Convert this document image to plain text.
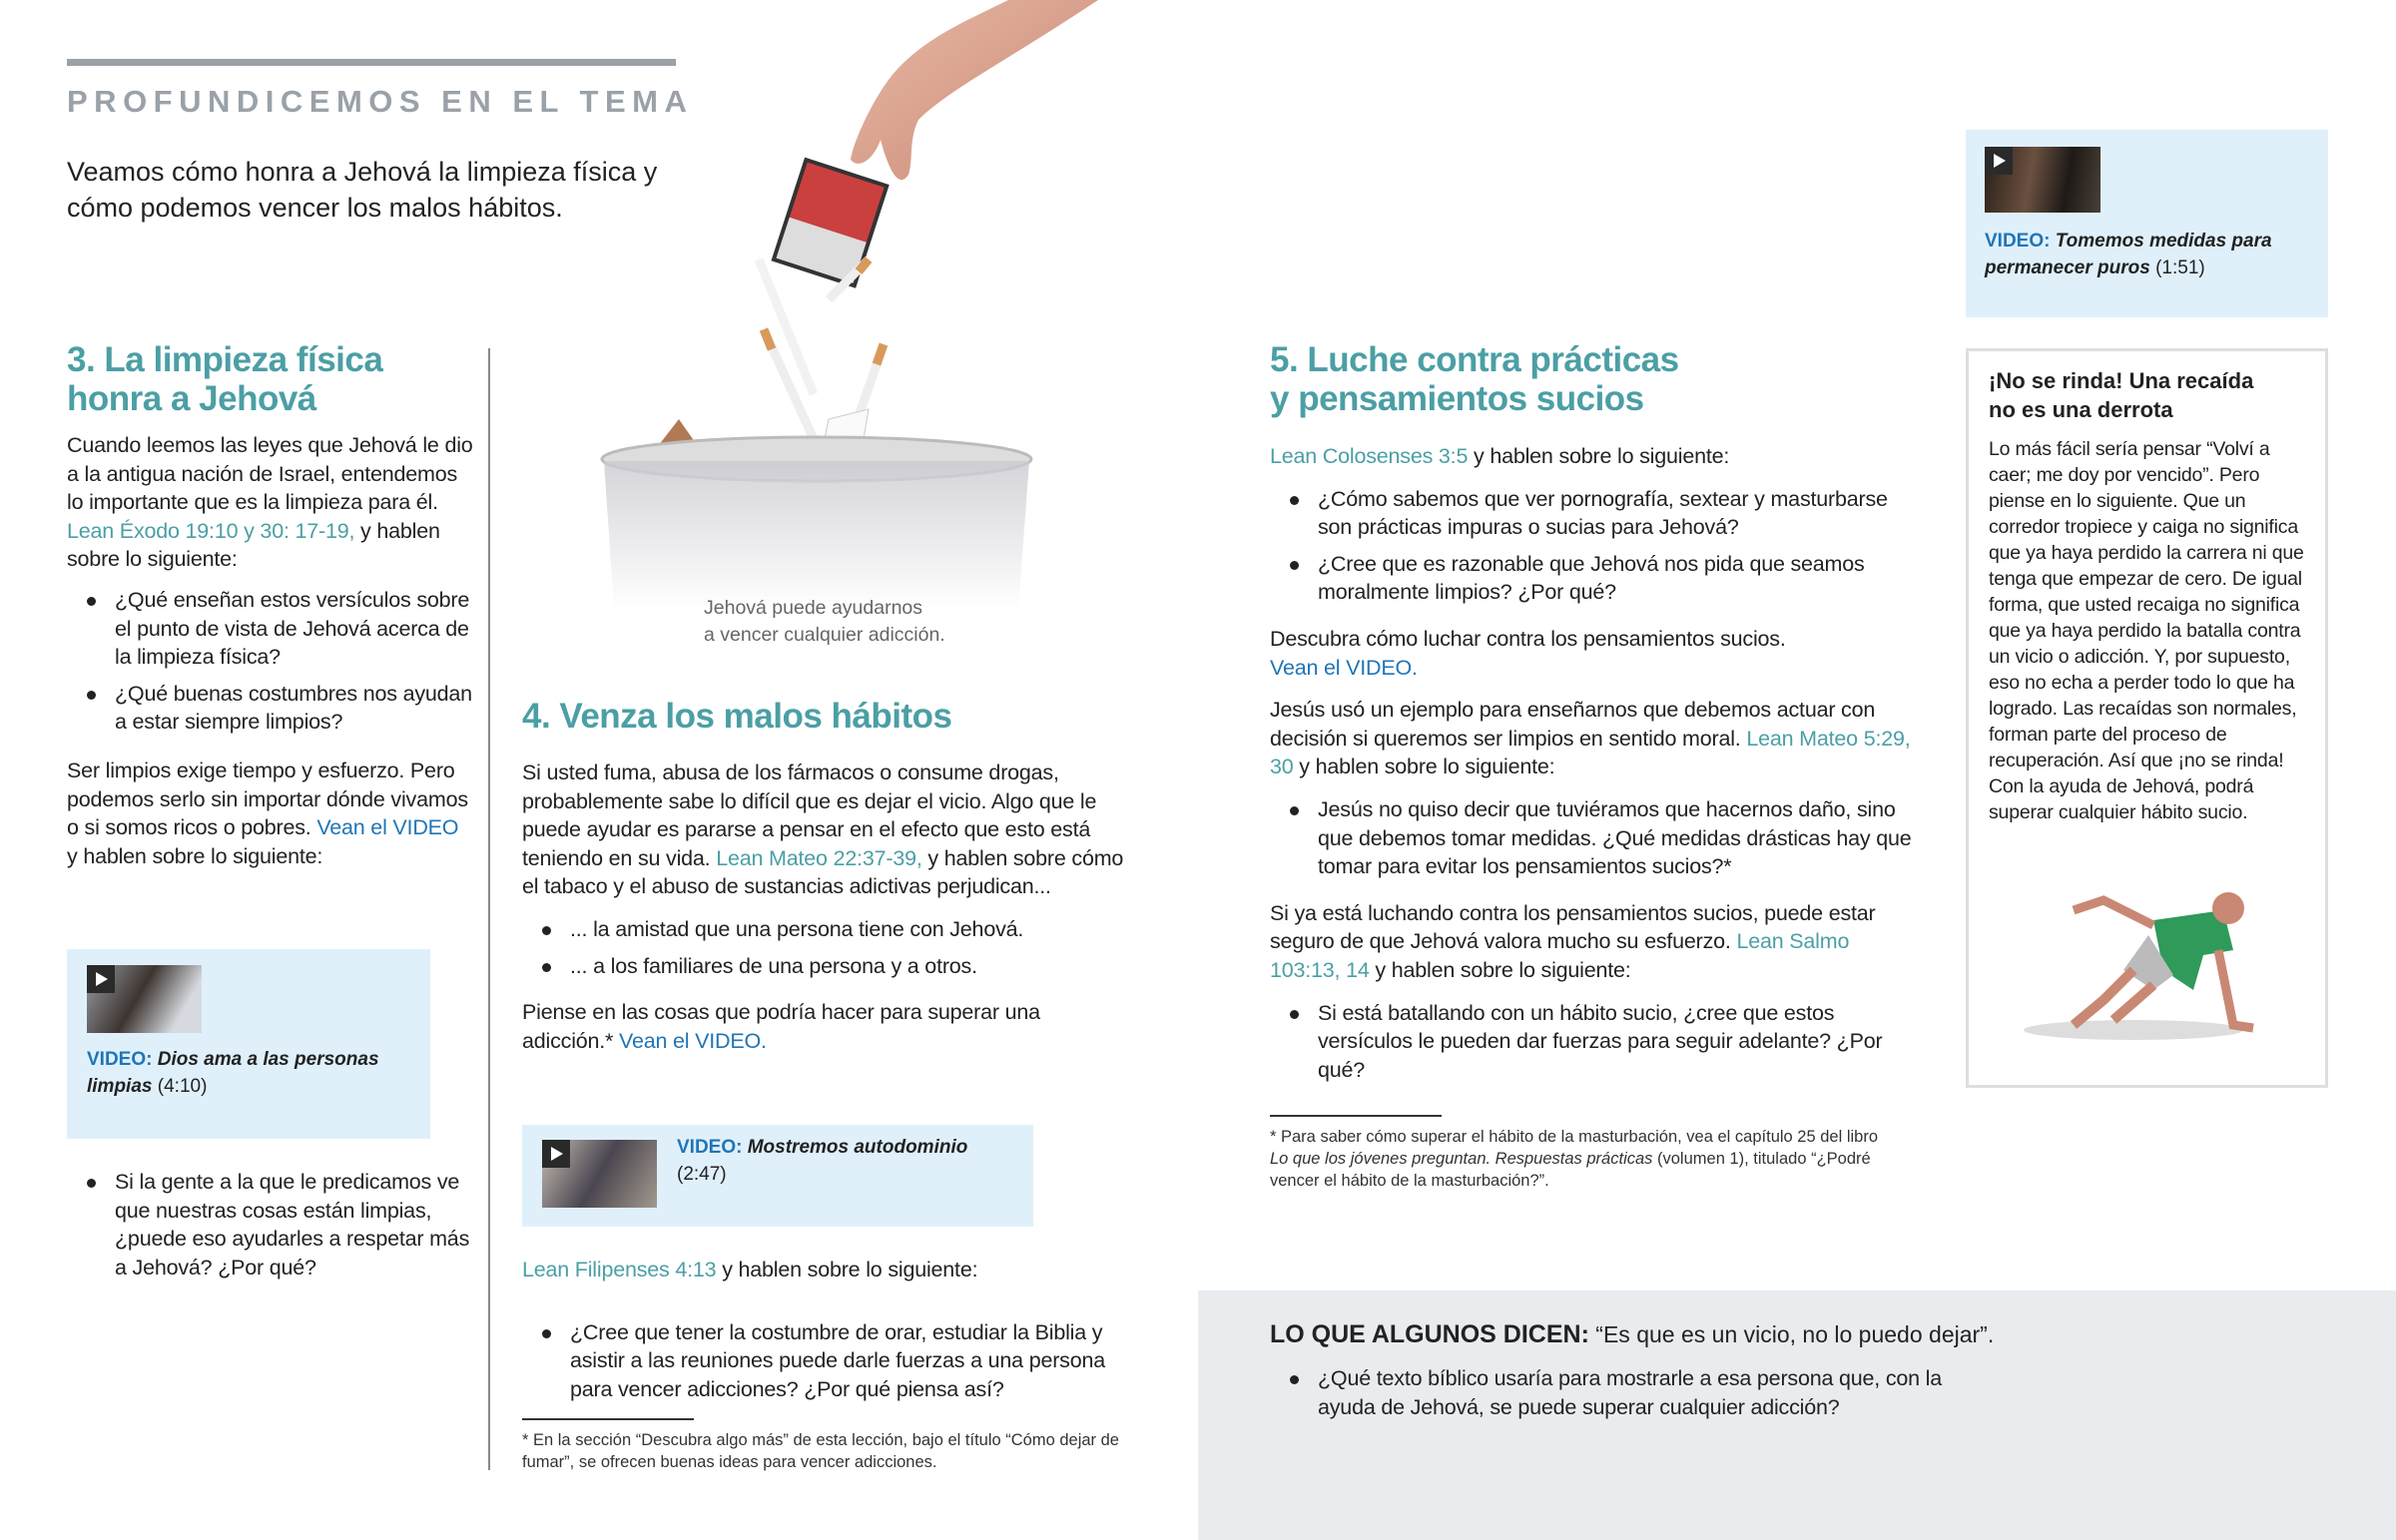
PROFUNDICEMOS EN EL TEMA
Veamos cómo honra a Jehová la limpieza física y cómo podemos vencer los malos hábitos.
Jehová puede ayudarnos
a vencer cualquier adicción.
3. La limpieza física
honra a Jehová

Cuando leemos las leyes que Jehová le dio a la antigua nación de Israel, entendemos lo importante que es la limpieza para él. Lean Éxodo 19:10 y 30: 17-19, y hablen sobre lo siguiente:

¿Qué enseñan estos versículos sobre el punto de vista de Jehová acerca de la limpieza física?
¿Qué buenas costumbres nos ayudan a estar siempre limpios?

Ser limpios exige tiempo y esfuerzo. Pero podemos serlo sin importar dónde vivamos o si somos ricos o pobres. Vean el VIDEO y hablen sobre lo siguiente:

VIDEO: Dios ama a las personas limpias (4:10)
Si la gente a la que le predicamos ve que nuestras cosas están limpias, ¿puede eso ayudarles a respetar más a Jehová? ¿Por qué?
4. Venza los malos hábitos

Si usted fuma, abusa de los fármacos o consume drogas, probablemente sabe lo difícil que es dejar el vicio. Algo que le puede ayudar es pararse a pensar en el efecto que esto está teniendo en su vida. Lean Mateo 22:37-39, y hablen sobre cómo el tabaco y el abuso de sustancias adictivas perjudican...

... la amistad que una persona tiene con Jehová.
... a los familiares de una persona y a otros.

Piense en las cosas que podría hacer para superar una adicción.* Vean el VIDEO.

VIDEO: Mostremos autodominio
(2:47)

Lean Filipenses 4:13 y hablen sobre lo siguiente:

¿Cree que tener la costumbre de orar, estudiar la Biblia y asistir a las reuniones puede darle fuerzas a una persona para vencer adicciones? ¿Por qué piensa así?
* En la sección “Descubra algo más” de esta lección, bajo el título “Cómo dejar de fumar”, se ofrecen buenas ideas para vencer adicciones.
5. Luche contra prácticas
y pensamientos sucios

Lean Colosenses 3:5 y hablen sobre lo siguiente:

¿Cómo sabemos que ver pornografía, sextear y masturbarse son prácticas impuras o sucias para Jehová?
¿Cree que es razonable que Jehová nos pida que seamos moralmente limpios? ¿Por qué?

Descubra cómo luchar contra los pensamientos sucios.
Vean el VIDEO.

Jesús usó un ejemplo para enseñarnos que debemos actuar con decisión si queremos ser limpios en sentido moral. Lean Mateo 5:29, 30 y hablen sobre lo siguiente:

Jesús no quiso decir que tuviéramos que hacernos daño, sino que debemos tomar medidas. ¿Qué medidas drásticas hay que tomar para evitar los pensamientos sucios?*

Si ya está luchando contra los pensamientos sucios, puede estar seguro de que Jehová valora mucho su esfuerzo. Lean Salmo 103:13, 14 y hablen sobre lo siguiente:

Si está batallando con un hábito sucio, ¿cree que estos versículos le pueden dar fuerzas para seguir adelante? ¿Por qué?
* Para saber cómo superar el hábito de la masturbación, vea el capítulo 25 del libro Lo que los jóvenes preguntan. Respuestas prácticas (volumen 1), titulado “¿Podré vencer el hábito de la masturbación?”.
VIDEO: Tomemos medidas para permanecer puros (1:51)
¡No se rinda! Una recaída
no es una derrota
Lo más fácil sería pensar “Volví a caer; me doy por vencido”. Pero piense en lo siguiente. Que un corredor tropiece y caiga no significa que ya haya perdido la carrera ni que tenga que empezar de cero. De igual forma, que usted recaiga no significa que ya haya perdido la batalla contra un vicio o adicción. Y, por supuesto, eso no echa a perder todo lo que ha logrado. Las recaídas son normales, forman parte del proceso de recuperación. Así que ¡no se rinda! Con la ayuda de Jehová, podrá superar cualquier hábito sucio.
LO QUE ALGUNOS DICEN: “Es que es un vicio, no lo puedo dejar”.
¿Qué texto bíblico usaría para mostrarle a esa persona que, con la ayuda de Jehová, se puede superar cualquier adicción?
